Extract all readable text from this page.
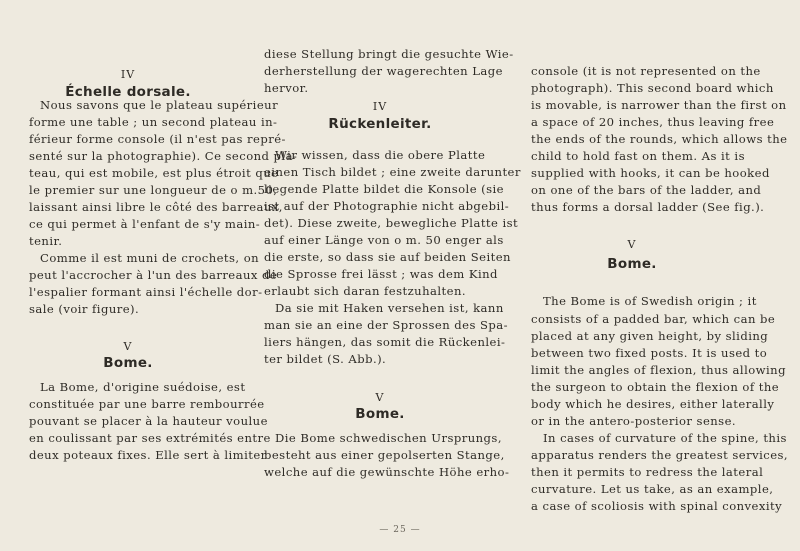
IV
Échelle dorsale.
Nous savons que le plateau supérieur
forme une table ; un second plateau in-
férieur forme console (il n'est pas repré-
senté sur la photographie). Ce second pla-
teau, qui est mobile, est plus étroit que
le premier sur une longueur de o m.50,
laissant ainsi libre le côté des barreaux,
ce qui permet à l'enfant de s'y main-
tenir.
Comme il est muni de crochets, on
peut l'accrocher à l'un des barreaux de
l'espalier formant ainsi l'échelle dor-
sale (voir figure).
V
Bome.
La Bome, d'origine suédoise, est
constituée par une barre rembourrée
pouvant se placer à la hauteur voulue
en coulissant par ses extrémités entre
deux poteaux fixes. Elle sert à limiter
diese Stellung bringt die gesuchte Wie-
derherstellung der wagerechten Lage
hervor.
IV
Rückenleiter.
Wir wissen, dass die obere Platte
einen Tisch bildet ; eine zweite darunter
liegende Platte bildet die Konsole (sie
ist auf der Photographie nicht abgebil-
det). Diese zweite, bewegliche Platte ist
auf einer Länge von o m. 50 enger als
die erste, so dass sie auf beiden Seiten
die Sprosse frei lässt ; was dem Kind
erlaubt sich daran festzuhalten.
Da sie mit Haken versehen ist, kann
man sie an eine der Sprossen des Spa-
liers hängen, das somit die Rückenlei-
ter bildet (S. Abb.).
V
Bome.
Die Bome schwedischen Ursprungs,
besteht aus einer gepolserten Stange,
welche auf die gewünschte Höhe erho-
console (it is not represented on the
photograph). This second board which
is movable, is narrower than the first on
a space of 20 inches, thus leaving free
the ends of the rounds, which allows the
child to hold fast on them. As it is
supplied with hooks, it can be hooked
on one of the bars of the ladder, and
thus forms a dorsal ladder (See fig.).
V
Bome.
The Bome is of Swedish origin ; it
consists of a padded bar, which can be
placed at any given height, by sliding
between two fixed posts. It is used to
limit the angles of flexion, thus allowing
the surgeon to obtain the flexion of the
body which he desires, either laterally
or in the antero-posterior sense.
In cases of curvature of the spine, this
apparatus renders the greatest services,
then it permits to redress the lateral
curvature. Let us take, as an example,
a case of scoliosis with spinal convexity
— 25 —
